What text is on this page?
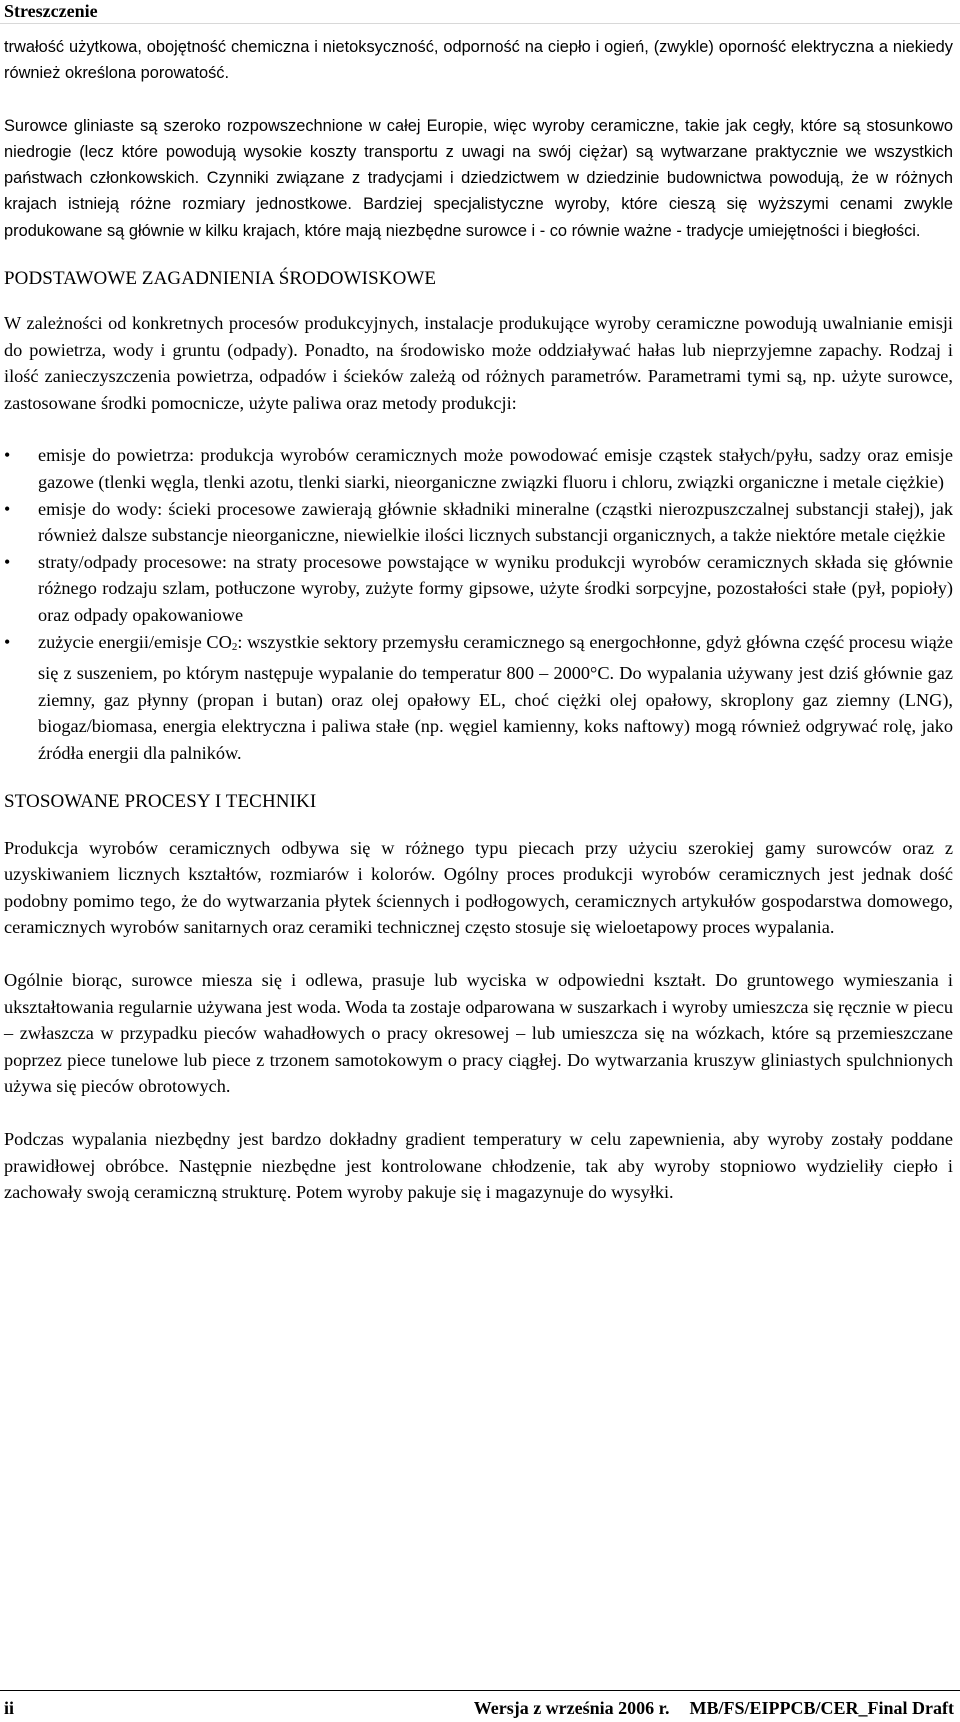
Streszczenie

trwałość użytkowa, obojętność chemiczna i nietoksyczność, odporność na ciepło i ogień, (zwykle) oporność elektryczna a niekiedy również określona porowatość.

Surowce gliniaste są szeroko rozpowszechnione w całej Europie, więc wyroby ceramiczne, takie jak cegły, które są stosunkowo niedrogie (lecz które powodują wysokie koszty transportu z uwagi na swój ciężar) są wytwarzane praktycznie we wszystkich państwach członkowskich. Czynniki związane z tradycjami i dziedzictwem w dziedzinie budownictwa powodują, że w różnych krajach istnieją różne rozmiary jednostkowe. Bardziej specjalistyczne wyroby, które cieszą się wyższymi cenami zwykle produkowane są głównie w kilku krajach, które mają niezbędne surowce i - co równie ważne - tradycje umiejętności i biegłości.

PODSTAWOWE ZAGADNIENIA ŚRODOWISKOWE

W zależności od konkretnych procesów produkcyjnych, instalacje produkujące wyroby ceramiczne powodują uwalnianie emisji do powietrza, wody i gruntu (odpady). Ponadto, na środowisko może oddziaływać hałas lub nieprzyjemne zapachy. Rodzaj i ilość zanieczyszczenia powietrza, odpadów i ścieków zależą od różnych parametrów. Parametrami tymi są, np. użyte surowce, zastosowane środki pomocnicze, użyte paliwa oraz metody produkcji:

• emisje do powietrza: produkcja wyrobów ceramicznych może powodować emisje cząstek stałych/pyłu, sadzy oraz emisje gazowe (tlenki węgla, tlenki azotu, tlenki siarki, nieorganiczne związki fluoru i chloru, związki organiczne i metale ciężkie)
• emisje do wody: ścieki procesowe zawierają głównie składniki mineralne (cząstki nierozpuszczalnej substancji stałej), jak również dalsze substancje nieorganiczne, niewielkie ilości licznych substancji organicznych, a także niektóre metale ciężkie
• straty/odpady procesowe: na straty procesowe powstające w wyniku produkcji wyrobów ceramicznych składa się głównie różnego rodzaju szlam, potłuczone wyroby, zużyte formy gipsowe, użyte środki sorpcyjne, pozostałości stałe (pył, popioły) oraz odpady opakowaniowe
• zużycie energii/emisje $CO_2$: wszystkie sektory przemysłu ceramicznego są energochłonne, gdyż główna część procesu wiąże się z suszeniem, po którym następuje wypalanie do temperatur 800 – 2000°C. Do wypalania używany jest dziś głównie gaz ziemny, gaz płynny (propan i butan) oraz olej opałowy EL, choć ciężki olej opałowy, skroplony gaz ziemny (LNG), biogaz/biomasa, energia elektryczna i paliwa stałe (np. węgiel kamienny, koks naftowy) mogą również odgrywać rolę, jako źródła energii dla palników.
STOSOWANE PROCESY I TECHNIKI

Produkcja wyrobów ceramicznych odbywa się w różnego typu piecach przy użyciu szerokiej gamy surowców oraz z uzyskiwaniem licznych kształtów, rozmiarów i kolorów. Ogólny proces produkcji wyrobów ceramicznych jest jednak dość podobny pomimo tego, że do wytwarzania płytek ściennych i podłogowych, ceramicznych artykułów gospodarstwa domowego, ceramicznych wyrobów sanitarnych oraz ceramiki technicznej często stosuje się wieloetapowy proces wypalania.

Ogólnie biorąc, surowce miesza się i odlewa, prasuje lub wyciska w odpowiedni kształt. Do gruntowego wymieszania i ukształtowania regularnie używana jest woda. Woda ta zostaje odparowana w suszarkach i wyroby umieszcza się ręcznie w piecu – zwłaszcza w przypadku pieców wahadłowych o pracy okresowej – lub umieszcza się na wózkach, które są przemieszczane poprzez piece tunelowe lub piece z trzonem samotokowym o pracy ciągłej. Do wytwarzania kruszyw gliniastych spulchnionych używa się pieców obrotowych.

Podczas wypalania niezbędny jest bardzo dokładny gradient temperatury w celu zapewnienia, aby wyroby zostały poddane prawidłowej obróbce. Następnie niezbędne jest kontrolowane chłodzenie, tak aby wyroby stopniowo wydzieliły ciepło i zachowały swoją ceramiczną strukturę. Potem wyroby pakuje się i magazynuje do wysyłki.

ii	Wersja z września 2006 r. MB/FS/EIPPCB/CER_Final Draft
